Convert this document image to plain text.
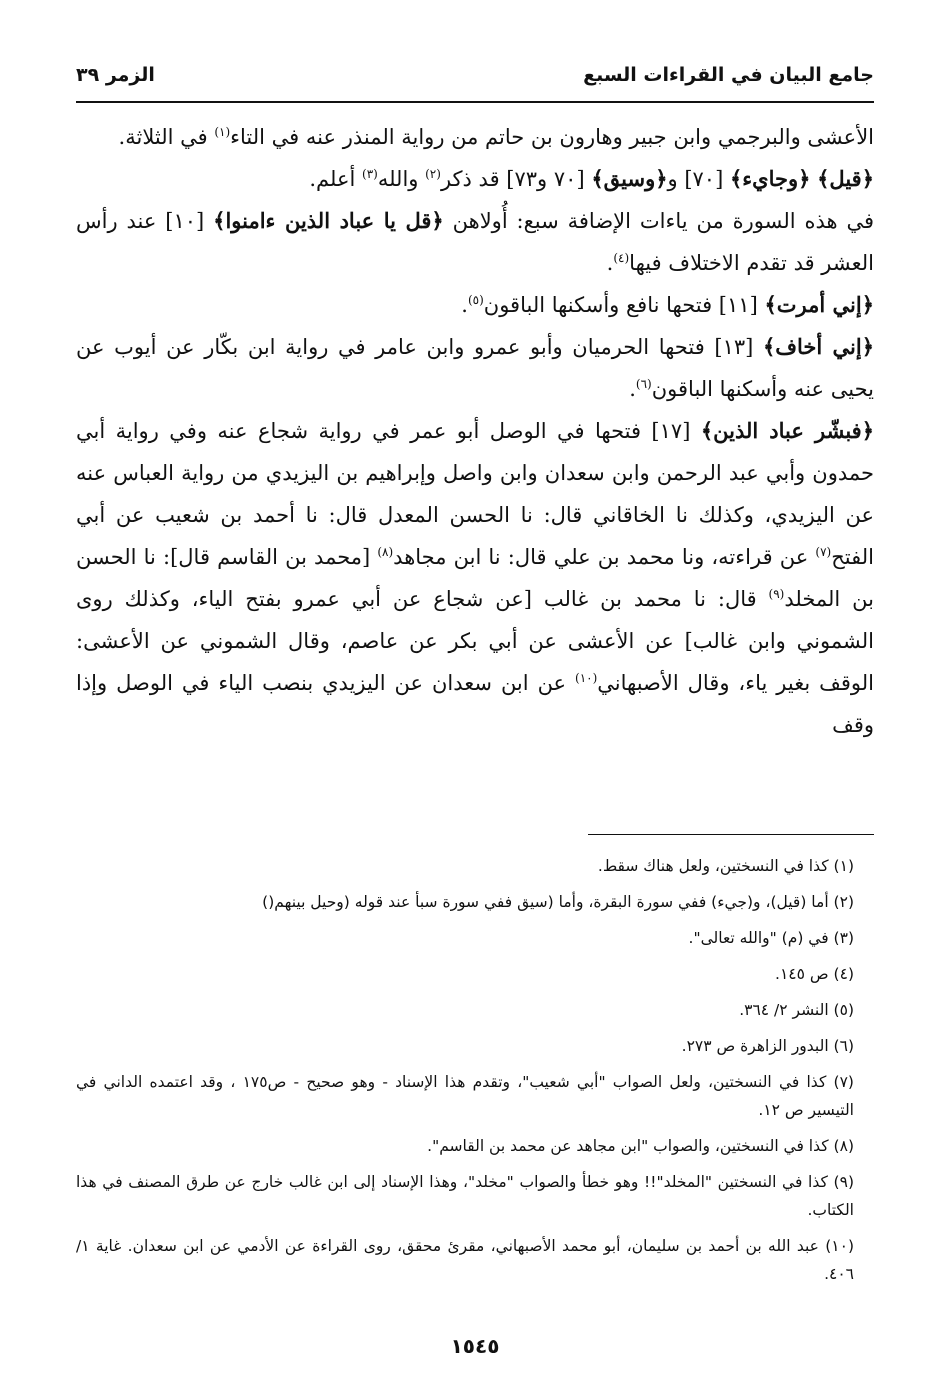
جامع البيان في القراءات السبع
الزمر ٣٩

الأعشى والبرجمي وابن جبير وهارون بن حاتم من رواية المنذر عنه في التاء$^{(١)}$ في الثلاثة.

﴿قيل﴾ ﴿وجايء﴾ [٧٠] و﴿وسيق﴾ [٧٠ و٧٣] قد ذكر$^{(٢)}$ والله$^{(٣)}$ أعلم.

في هذه السورة من ياءات الإضافة سبع: أُولاهن ﴿قل يا عباد الذين ءامنوا﴾ [١٠] عند رأس العشر قد تقدم الاختلاف فيها$^{(٤)}$.

﴿إني أمرت﴾ [١١] فتحها نافع وأسكنها الباقون$^{(٥)}$.

﴿إني أخاف﴾ [١٣] فتحها الحرميان وأبو عمرو وابن عامر في رواية ابن بكّار عن أيوب عن يحيى عنه وأسكنها الباقون$^{(٦)}$.

﴿فبشّر عباد الذين﴾ [١٧] فتحها في الوصل أبو عمر في رواية شجاع عنه وفي رواية أبي حمدون وأبي عبد الرحمن وابن سعدان وابن واصل وإبراهيم بن اليزيدي من رواية العباس عنه عن اليزيدي، وكذلك نا الخاقاني قال: نا الحسن المعدل قال: نا أحمد بن شعيب عن أبي الفتح$^{(٧)}$ عن قراءته، ونا محمد بن علي قال: نا ابن مجاهد$^{(٨)}$ [محمد بن القاسم قال]: نا الحسن بن المخلد$^{(٩)}$ قال: نا محمد بن غالب [عن شجاع عن أبي عمرو بفتح الياء، وكذلك روى الشموني وابن غالب] عن الأعشى عن أبي بكر عن عاصم، وقال الشموني عن الأعشى: الوقف بغير ياء، وقال الأصبهاني$^{(١٠)}$ عن ابن سعدان عن اليزيدي بنصب الياء في الوصل وإذا وقف

(١) كذا في النسختين، ولعل هناك سقط.
(٢) أما (قيل)، و(جيء) ففي سورة البقرة، وأما (سيق ففي سورة سبأ عند قوله (وحيل بينهم()
(٣) في (م) "والله تعالى".
(٤) ص ١٤٥.
(٥) النشر ٢/ ٣٦٤.
(٦) البدور الزاهرة ص ٢٧٣.
(٧) كذا في النسختين، ولعل الصواب "أبي شعيب"، وتقدم هذا الإسناد - وهو صحيح - ص١٧٥ ، وقد اعتمده الداني في التيسير ص ١٢.
(٨) كذا في النسختين، والصواب "ابن مجاهد عن محمد بن القاسم".
(٩) كذا في النسختين "المخلد"!! وهو خطأ والصواب "مخلد"، وهذا الإسناد إلى ابن غالب خارج عن طرق المصنف في هذا الكتاب.
(١٠) عبد الله بن أحمد بن سليمان، أبو محمد الأصبهاني، مقرئ محقق، روى القراءة عن الأدمي عن ابن سعدان. غاية ١/ ٤٠٦.
١٥٤٥
